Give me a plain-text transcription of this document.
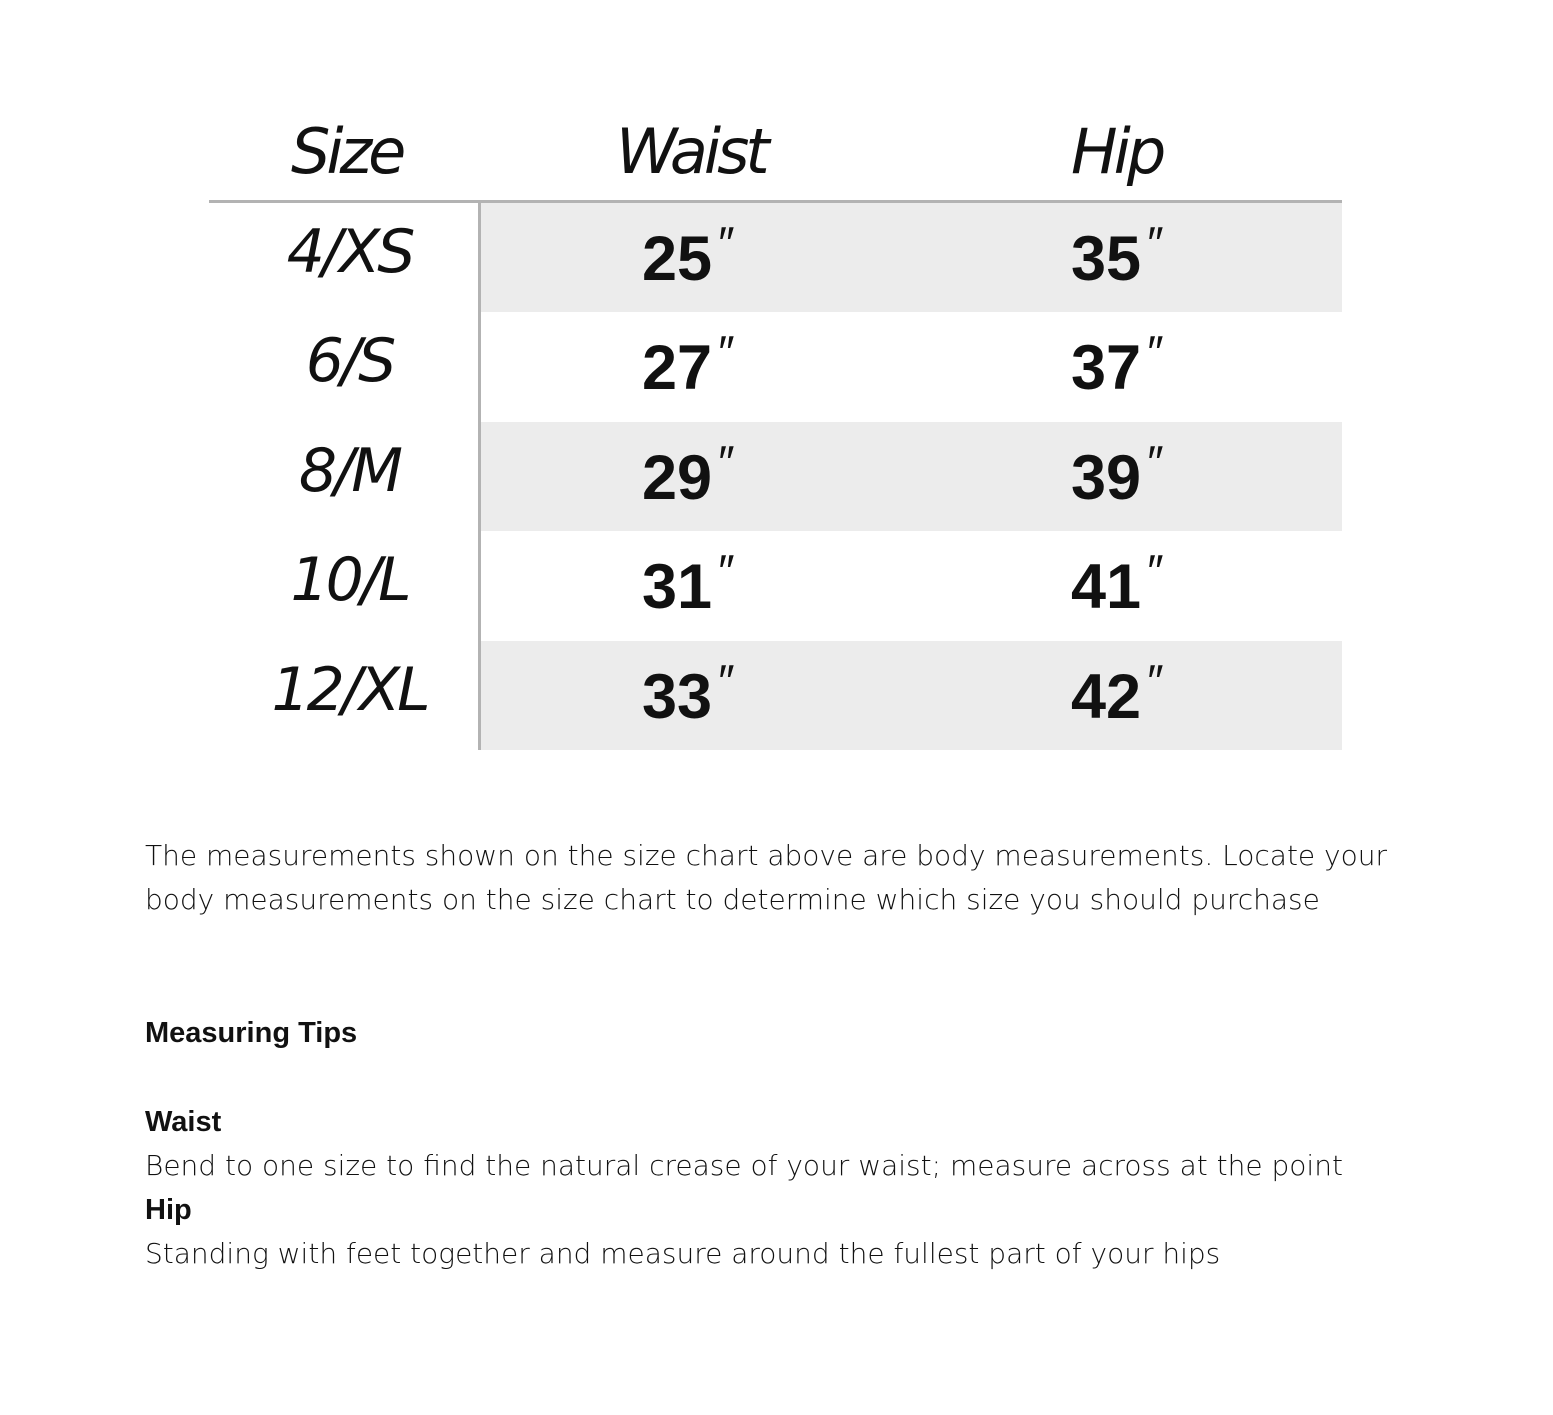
Size	Waist	Hip
4/XS	25″	35″
6/S	27″	37″
8/M	29″	39″
10/L	31″	41″
12/XL	33″	42″

The measurements shown on the size chart above are body measurements. Locate your body measurements on the size chart to determine which size you should purchase

Measuring Tips

Waist

Bend to one size to find the natural crease of your waist; measure across at the point

Hip

Standing with feet together and measure around the fullest part of your hips
